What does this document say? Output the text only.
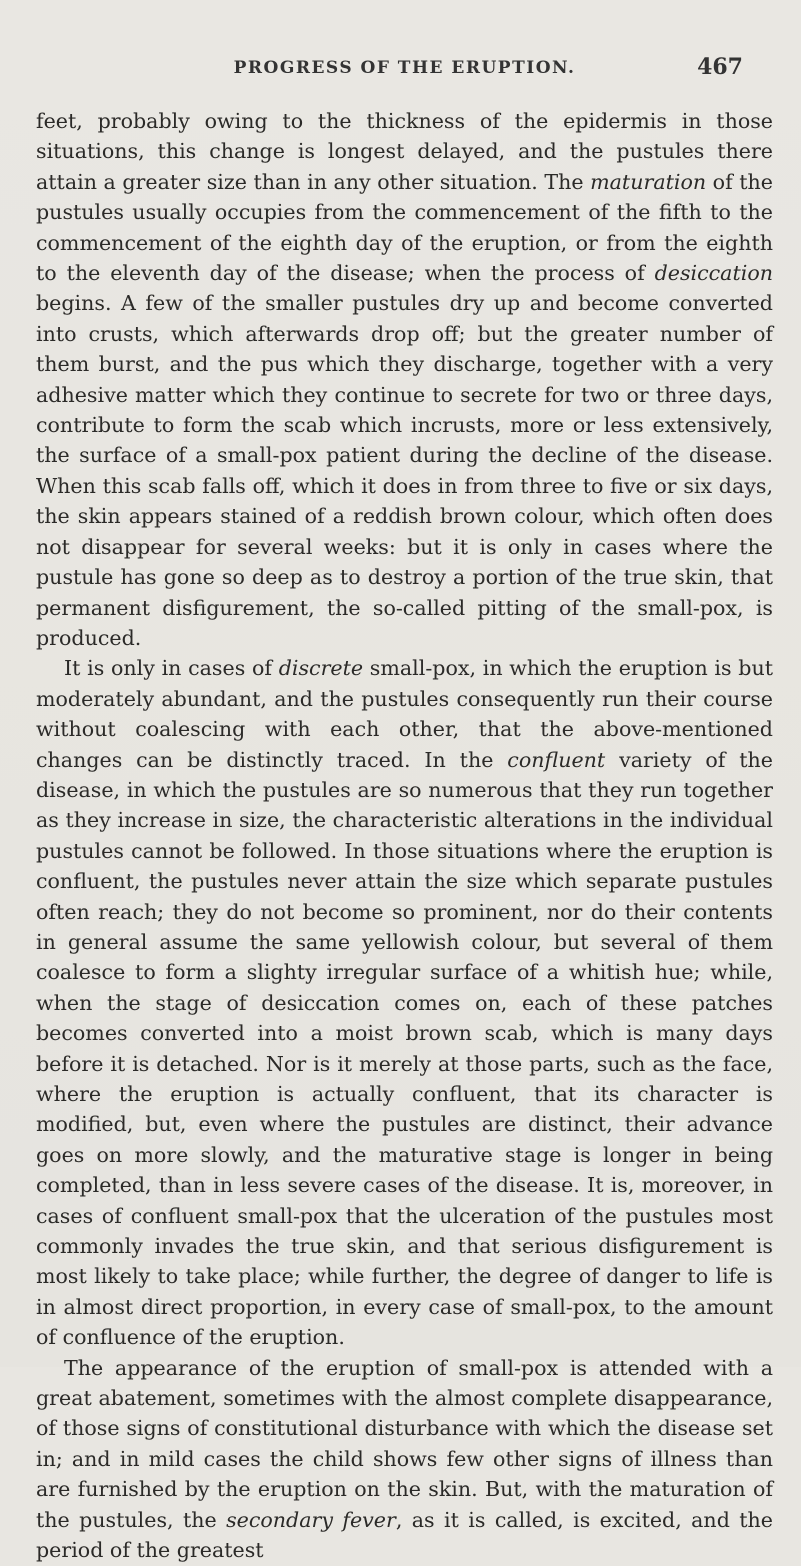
PROGRESS OF THE ERUPTION.	467

feet, probably owing to the thickness of the epidermis in those situations, this change is longest delayed, and the pustules there attain a greater size than in any other situation. The maturation of the pustules usually occupies from the commencement of the fifth to the commencement of the eighth day of the eruption, or from the eighth to the eleventh day of the disease; when the process of desiccation begins. A few of the smaller pustules dry up and become converted into crusts, which afterwards drop off; but the greater number of them burst, and the pus which they discharge, together with a very adhesive matter which they continue to secrete for two or three days, contribute to form the scab which incrusts, more or less extensively, the surface of a small-pox patient during the decline of the disease. When this scab falls off, which it does in from three to five or six days, the skin appears stained of a reddish brown colour, which often does not disappear for several weeks: but it is only in cases where the pustule has gone so deep as to destroy a portion of the true skin, that permanent disfigurement, the so-called pitting of the small-pox, is produced.

It is only in cases of discrete small-pox, in which the eruption is but moderately abundant, and the pustules consequently run their course without coalescing with each other, that the above-mentioned changes can be distinctly traced. In the confluent variety of the disease, in which the pustules are so numerous that they run together as they increase in size, the characteristic alterations in the individual pustules cannot be followed. In those situations where the eruption is confluent, the pustules never attain the size which separate pustules often reach; they do not become so prominent, nor do their contents in general assume the same yellowish colour, but several of them coalesce to form a slighty irregular surface of a whitish hue; while, when the stage of desiccation comes on, each of these patches becomes converted into a moist brown scab, which is many days before it is detached. Nor is it merely at those parts, such as the face, where the eruption is actually confluent, that its character is modified, but, even where the pustules are distinct, their advance goes on more slowly, and the maturative stage is longer in being completed, than in less severe cases of the disease. It is, moreover, in cases of confluent small-pox that the ulceration of the pustules most commonly invades the true skin, and that serious disfigurement is most likely to take place; while further, the degree of danger to life is in almost direct proportion, in every case of small-pox, to the amount of confluence of the eruption.

The appearance of the eruption of small-pox is attended with a great abatement, sometimes with the almost complete disappearance, of those signs of constitutional disturbance with which the disease set in; and in mild cases the child shows few other signs of illness than are furnished by the eruption on the skin. But, with the maturation of the pustules, the secondary fever, as it is called, is excited, and the period of the greatest
